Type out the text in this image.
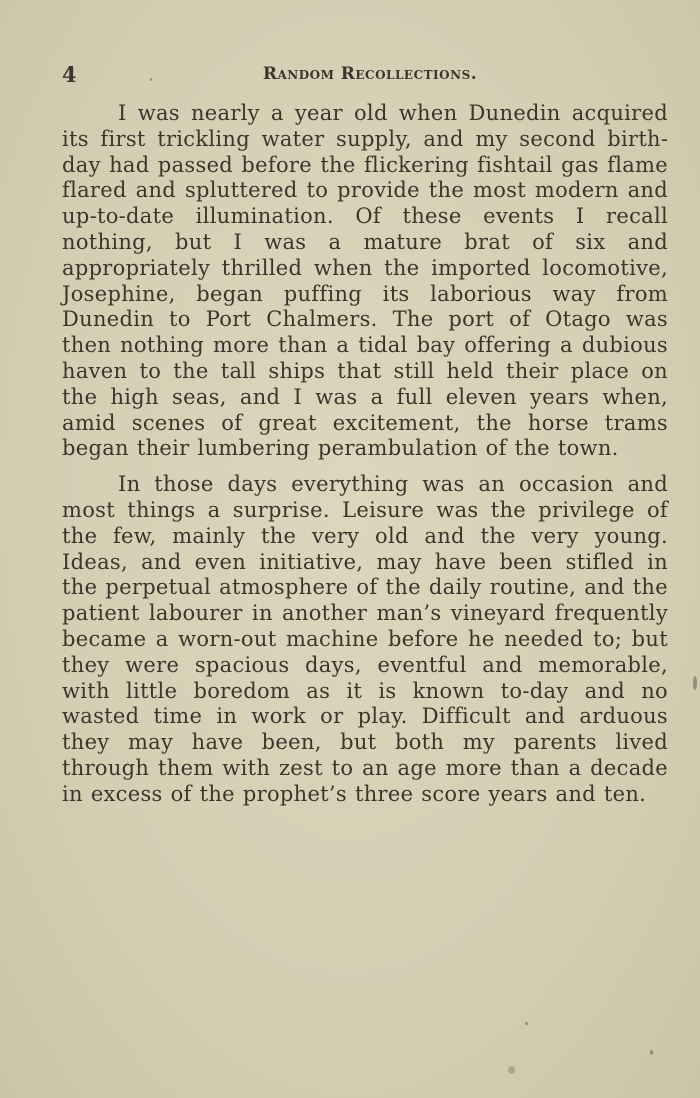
4	Random Recollections.

I was nearly a year old when Dunedin acquired its first trickling water supply, and my second birthday had passed before the flickering fishtail gas flame flared and spluttered to provide the most modern and up-to-date illumination. Of these events I recall nothing, but I was a mature brat of six and appropriately thrilled when the imported locomotive, Josephine, began puffing its laborious way from Dunedin to Port Chalmers. The port of Otago was then nothing more than a tidal bay offering a dubious haven to the tall ships that still held their place on the high seas, and I was a full eleven years when, amid scenes of great excitement, the horse trams began their lumbering perambulation of the town.

In those days everything was an occasion and most things a surprise. Leisure was the privilege of the few, mainly the very old and the very young. Ideas, and even initiative, may have been stifled in the perpetual atmosphere of the daily routine, and the patient labourer in another man’s vineyard frequently became a worn-out machine before he needed to; but they were spacious days, eventful and memorable, with little boredom as it is known to-day and no wasted time in work or play. Difficult and arduous they may have been, but both my parents lived through them with zest to an age more than a decade in excess of the prophet’s three score years and ten.
